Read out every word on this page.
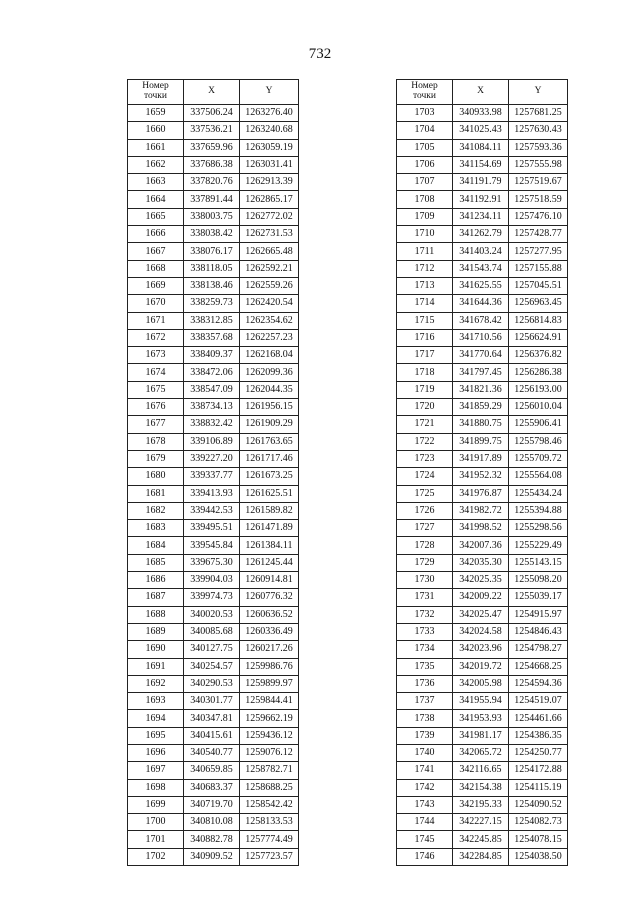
732
Номер
точки	X	Y
1659	337506.24	1263276.40
1660	337536.21	1263240.68
1661	337659.96	1263059.19
1662	337686.38	1263031.41
1663	337820.76	1262913.39
1664	337891.44	1262865.17
1665	338003.75	1262772.02
1666	338038.42	1262731.53
1667	338076.17	1262665.48
1668	338118.05	1262592.21
1669	338138.46	1262559.26
1670	338259.73	1262420.54
1671	338312.85	1262354.62
1672	338357.68	1262257.23
1673	338409.37	1262168.04
1674	338472.06	1262099.36
1675	338547.09	1262044.35
1676	338734.13	1261956.15
1677	338832.42	1261909.29
1678	339106.89	1261763.65
1679	339227.20	1261717.46
1680	339337.77	1261673.25
1681	339413.93	1261625.51
1682	339442.53	1261589.82
1683	339495.51	1261471.89
1684	339545.84	1261384.11
1685	339675.30	1261245.44
1686	339904.03	1260914.81
1687	339974.73	1260776.32
1688	340020.53	1260636.52
1689	340085.68	1260336.49
1690	340127.75	1260217.26
1691	340254.57	1259986.76
1692	340290.53	1259899.97
1693	340301.77	1259844.41
1694	340347.81	1259662.19
1695	340415.61	1259436.12
1696	340540.77	1259076.12
1697	340659.85	1258782.71
1698	340683.37	1258688.25
1699	340719.70	1258542.42
1700	340810.08	1258133.53
1701	340882.78	1257774.49
1702	340909.52	1257723.57
Номер
точки	X	Y
1703	340933.98	1257681.25
1704	341025.43	1257630.43
1705	341084.11	1257593.36
1706	341154.69	1257555.98
1707	341191.79	1257519.67
1708	341192.91	1257518.59
1709	341234.11	1257476.10
1710	341262.79	1257428.77
1711	341403.24	1257277.95
1712	341543.74	1257155.88
1713	341625.55	1257045.51
1714	341644.36	1256963.45
1715	341678.42	1256814.83
1716	341710.56	1256624.91
1717	341770.64	1256376.82
1718	341797.45	1256286.38
1719	341821.36	1256193.00
1720	341859.29	1256010.04
1721	341880.75	1255906.41
1722	341899.75	1255798.46
1723	341917.89	1255709.72
1724	341952.32	1255564.08
1725	341976.87	1255434.24
1726	341982.72	1255394.88
1727	341998.52	1255298.56
1728	342007.36	1255229.49
1729	342035.30	1255143.15
1730	342025.35	1255098.20
1731	342009.22	1255039.17
1732	342025.47	1254915.97
1733	342024.58	1254846.43
1734	342023.96	1254798.27
1735	342019.72	1254668.25
1736	342005.98	1254594.36
1737	341955.94	1254519.07
1738	341953.93	1254461.66
1739	341981.17	1254386.35
1740	342065.72	1254250.77
1741	342116.65	1254172.88
1742	342154.38	1254115.19
1743	342195.33	1254090.52
1744	342227.15	1254082.73
1745	342245.85	1254078.15
1746	342284.85	1254038.50
